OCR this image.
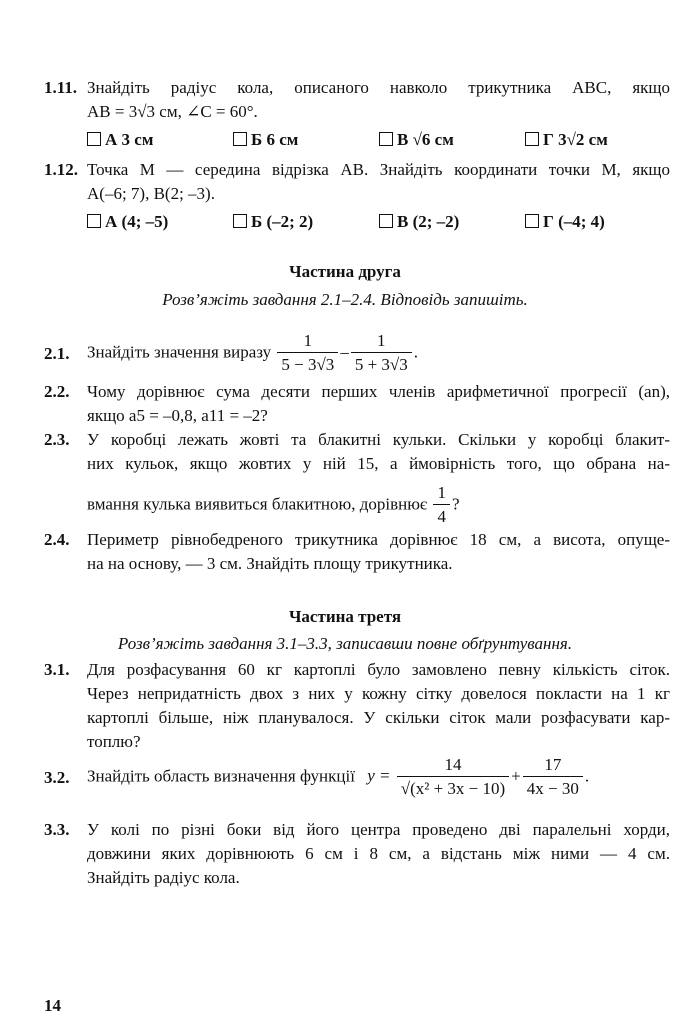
1.11. Знайдіть радіус кола, описаного навколо трикутника ABC, якщо
AB = 3√3 см, ∠C = 60°.
А 3 см	Б 6 см	В √6 см	Г 3√2 см
1.12. Точка M — середина відрізка AB. Знайдіть координати точки M, якщо
A(–6; 7), B(2; –3).
А (4; –5)	Б (–2; 2)	В (2; –2)	Г (–4; 4)
Частина друга
Розв’яжіть завдання 2.1–2.4. Відповідь запишіть.
2.1. Знайдіть значення виразу $\frac{1}{5 - 3√3} - \frac{1}{5 + 3√3}$ .
2.2. Чому дорівнює сума десяти перших членів арифметичної прогресії (an),
якщо a5 = –0,8, a11 = –2?
2.3. У коробці лежать жовті та блакитні кульки. Скільки у коробці блакит-
них кульок, якщо жовтих у ній 15, а ймовірність того, що обрана на-
вмання кулька виявиться блакитною, дорівнює $\frac{1}{4}$ ?
2.4. Периметр рівнобедреного трикутника дорівнює 18 см, а висота, опуще-
на на основу, — 3 см. Знайдіть площу трикутника.
Частина третя
Розв’яжіть завдання 3.1–3.3, записавши повне обґрунтування.
3.1. Для розфасування 60 кг картоплі було замовлено певну кількість сіток.
Через непридатність двох з них у кожну сітку довелося покласти на 1 кг
картоплі більше, ніж планувалося. У скільки сіток мали розфасувати кар-
топлю?
3.2. Знайдіть область визначення функції $y = \frac{14}{\text{√(x² + 3x − 10)}} + \frac{17}{4x - 30}$ .
3.3. У колі по різні боки від його центра проведено дві паралельні хорди,
довжини яких дорівнюють 6 см і 8 см, а відстань між ними — 4 см.
Знайдіть радіус кола.
14
